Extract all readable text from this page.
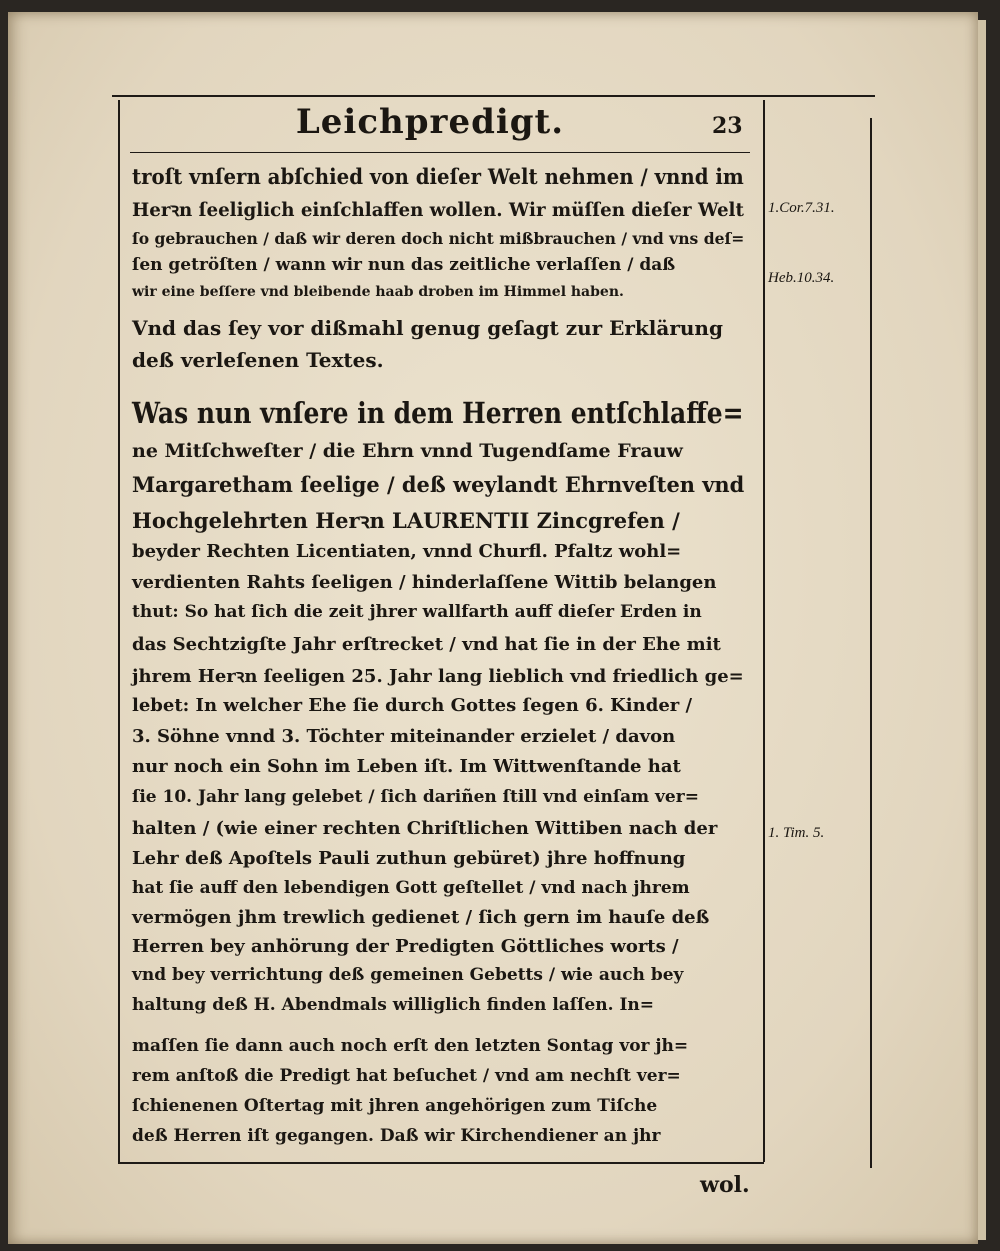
Leichpredigt.	23
troſt vnſern abſchied von dieſer Welt nehmen / vnnd im
Herꝛn ſeeliglich einſchlaffen wollen. Wir müſſen dieſer Welt
ſo gebrauchen / daß wir deren doch nicht mißbrauchen / vnd vns deſ=
ſen getröſten / wann wir nun das zeitliche verlaſſen / daß
wir eine beſſere vnd bleibende haab droben im Himmel haben.
Vnd das ſey vor dißmahl genug geſagt zur Erklärung
deß verleſenen Textes.
Was nun vnſere in dem Herren entſchlaffe=
ne Mitſchweſter / die Ehrn vnnd Tugendſame Frauw
Margaretham ſeelige / deß weylandt Ehrnveſten vnd
Hochgelehrten Herꝛn LAURENTII Zincgrefen /
beyder Rechten Licentiaten, vnnd Churfl. Pfaltz wohl=
verdienten Rahts ſeeligen / hinderlaſſene Wittib belangen
thut: So hat ſich die zeit jhrer wallfarth auff dieſer Erden in
das Sechtzigſte Jahr erſtrecket / vnd hat ſie in der Ehe mit
jhrem Herꝛn ſeeligen 25. Jahr lang lieblich vnd friedlich ge=
lebet: In welcher Ehe ſie durch Gottes ſegen 6. Kinder /
3. Söhne vnnd 3. Töchter miteinander erzielet / davon
nur noch ein Sohn im Leben iſt. Im Wittwenſtande hat
ſie 10. Jahr lang gelebet / ſich dariñen ſtill vnd einſam ver=
halten / (wie einer rechten Chriſtlichen Wittiben nach der
Lehr deß Apoſtels Pauli zuthun gebüret) jhre hoffnung
hat ſie auff den lebendigen Gott geſtellet / vnd nach jhrem
vermögen jhm trewlich gedienet / ſich gern im hauſe deß
Herren bey anhörung der Predigten Göttliches worts /
vnd bey verrichtung deß gemeinen Gebetts / wie auch bey
haltung deß H. Abendmals williglich finden laſſen. In=
maſſen ſie dann auch noch erſt den letzten Sontag vor jh=
rem anſtoß die Predigt hat beſuchet / vnd am nechſt ver=
ſchienenen Oſtertag mit jhren angehörigen zum Tiſche
deß Herren iſt gegangen. Daß wir Kirchendiener an jhr
wol.
1.Cor.7.31.
Heb.10.34.
1. Tim. 5.
